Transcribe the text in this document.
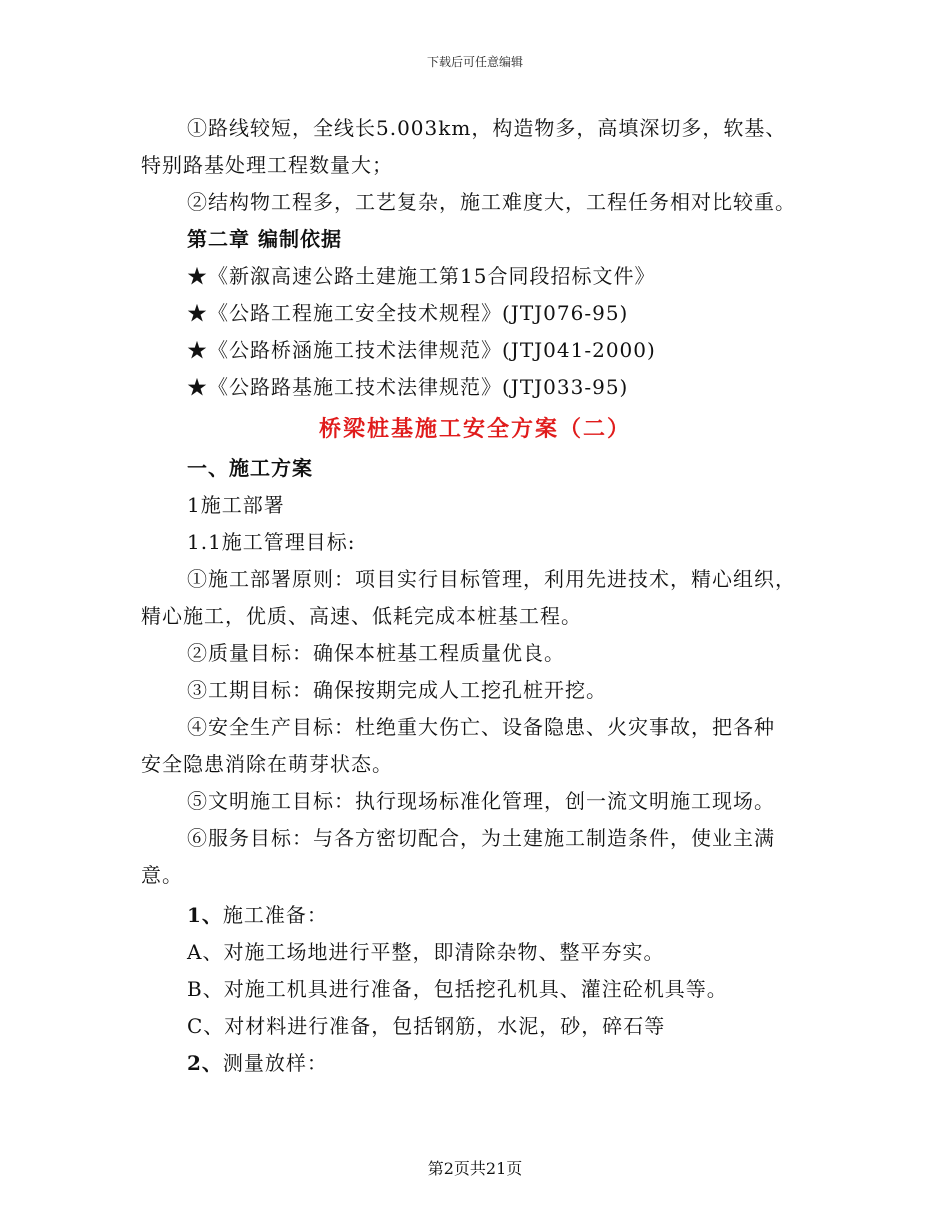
下载后可任意编辑
①路线较短，全线长5.003km，构造物多，高填深切多，软基、
特别路基处理工程数量大；
②结构物工程多，工艺复杂，施工难度大，工程任务相对比较重。
第二章 编制依据
★《新溆高速公路土建施工第15合同段招标文件》
★《公路工程施工安全技术规程》(JTJ076-95)
★《公路桥涵施工技术法律规范》(JTJ041-2000)
★《公路路基施工技术法律规范》(JTJ033-95)
桥梁桩基施工安全方案（二）
一、施工方案
1施工部署
1.1施工管理目标:
①施工部署原则：项目实行目标管理，利用先进技术，精心组织，
精心施工，优质、高速、低耗完成本桩基工程。
②质量目标：确保本桩基工程质量优良。
③工期目标：确保按期完成人工挖孔桩开挖。
④安全生产目标：杜绝重大伤亡、设备隐患、火灾事故，把各种
安全隐患消除在萌芽状态。
⑤文明施工目标：执行现场标准化管理，创一流文明施工现场。
⑥服务目标：与各方密切配合，为土建施工制造条件，使业主满
意。
1、施工准备：
A、对施工场地进行平整，即清除杂物、整平夯实。
B、对施工机具进行准备，包括挖孔机具、灌注砼机具等。
C、对材料进行准备，包括钢筋，水泥，砂，碎石等
2、测量放样：
第2页共21页
